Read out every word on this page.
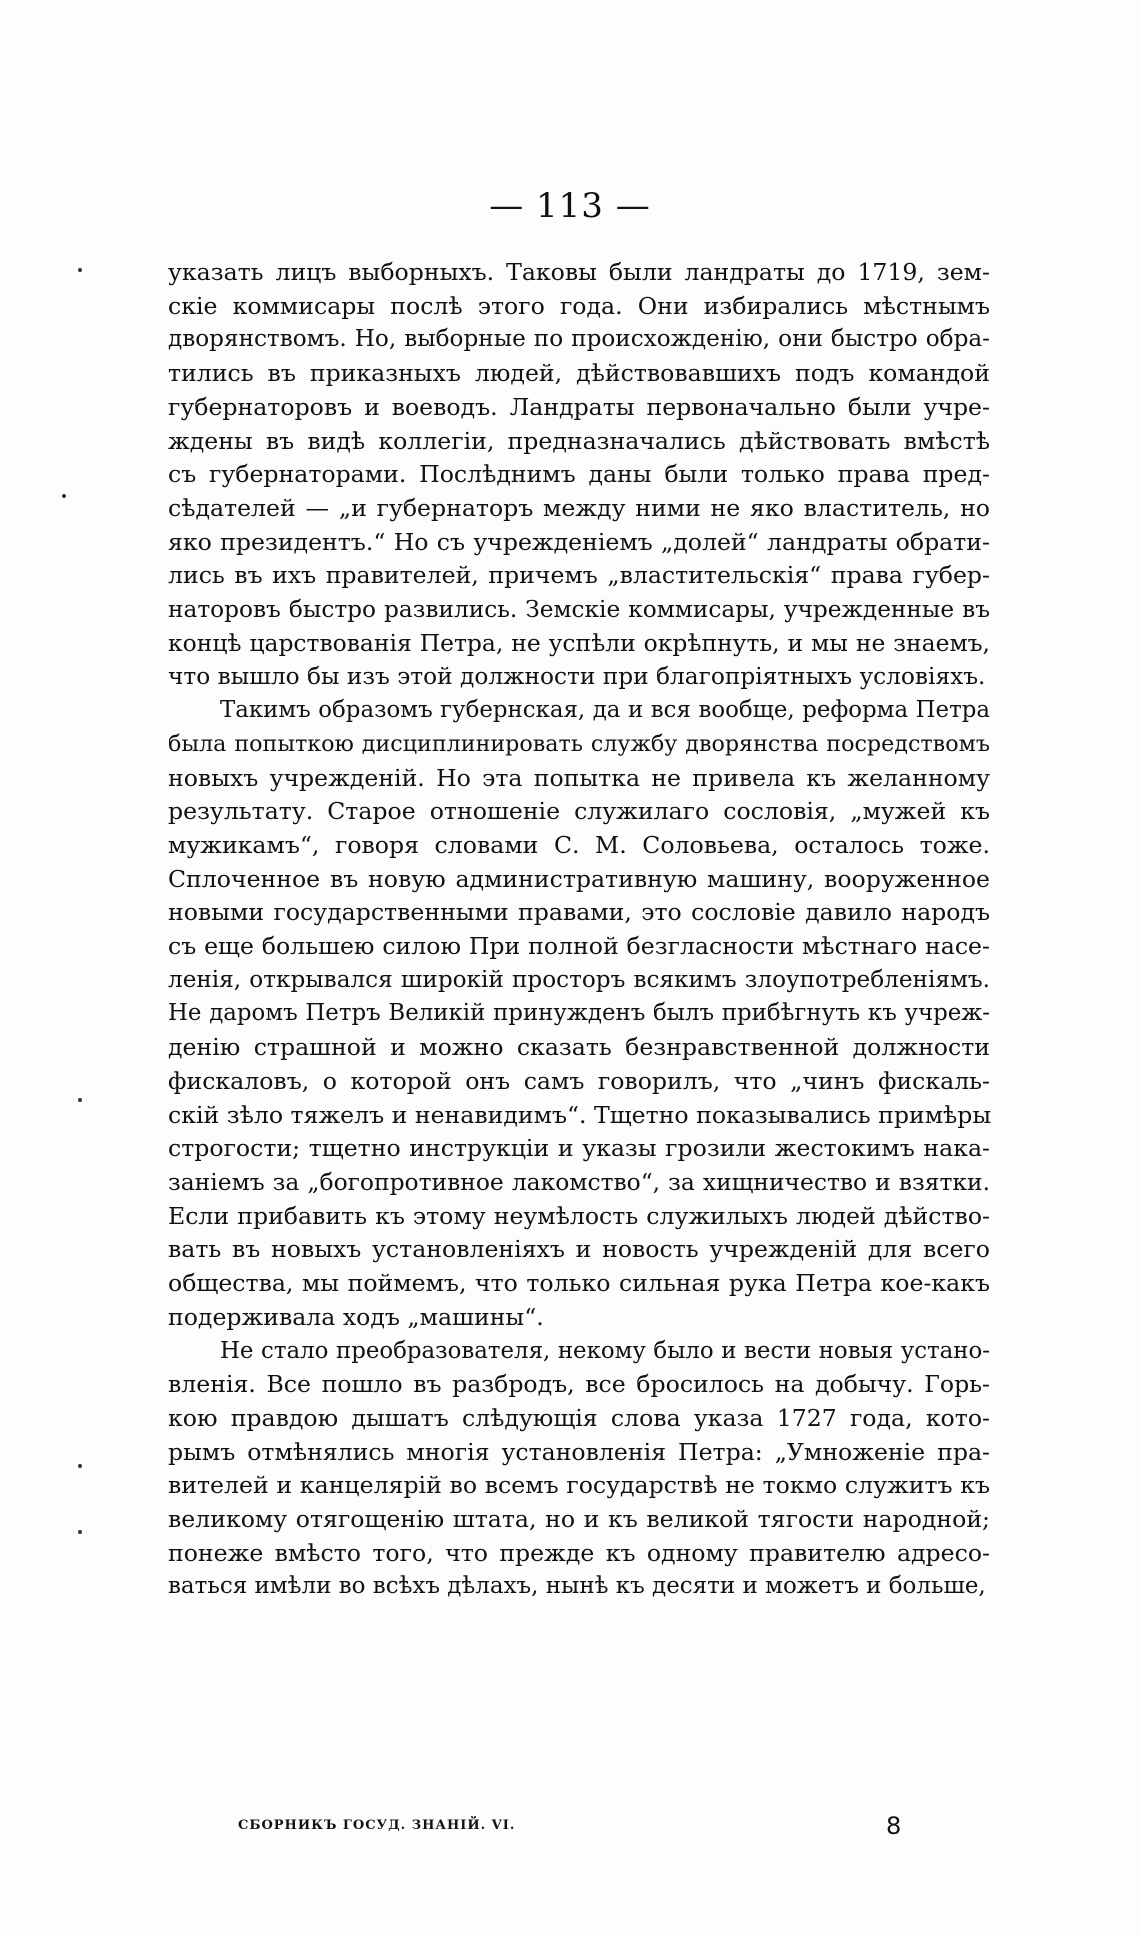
— 113 —
указать лицъ выборныхъ. Таковы были ландраты до 1719, зем-
скіе коммисары послѣ этого года. Они избирались мѣстнымъ
дворянствомъ. Но, выборные по происхожденію, они быстро обра-
тились въ приказныхъ людей, дѣйствовавшихъ подъ командой
губернаторовъ и воеводъ. Ландраты первоначально были учре-
ждены въ видѣ коллегіи, предназначались дѣйствовать вмѣстѣ
съ губернаторами. Послѣднимъ даны были только права пред-
сѣдателей — „и губернаторъ между ними не яко властитель, но
яко президентъ.“ Но съ учрежденіемъ „долей“ ландраты обрати-
лись въ ихъ правителей, причемъ „властительскія“ права губер-
наторовъ быстро развились. Земскіе коммисары, учрежденные въ
концѣ царствованія Петра, не успѣли окрѣпнуть, и мы не знаемъ,
что вышло бы изъ этой должности при благопріятныхъ условіяхъ.
Такимъ образомъ губернская, да и вся вообще, реформа Петра
была попыткою дисциплинировать службу дворянства посредствомъ
новыхъ учрежденій. Но эта попытка не привела къ желанному
результату. Старое отношеніе служилаго сословія, „мужей къ
мужикамъ“, говоря словами С. М. Соловьева, осталось тоже.
Сплоченное въ новую административную машину, вооруженное
новыми государственными правами, это сословіе давило народъ
съ еще большею силою При полной безгласности мѣстнаго насе-
ленія, открывался широкій просторъ всякимъ злоупотребленіямъ.
Не даромъ Петръ Великій принужденъ былъ прибѣгнуть къ учреж-
денію страшной и можно сказать безнравственной должности
фискаловъ, о которой онъ самъ говорилъ, что „чинъ фискаль-
скій зѣло тяжелъ и ненавидимъ“. Тщетно показывались примѣры
строгости; тщетно инструкціи и указы грозили жестокимъ нака-
заніемъ за „богопротивное лакомство“, за хищничество и взятки.
Если прибавить къ этому неумѣлость служилыхъ людей дѣйство-
вать въ новыхъ установленіяхъ и новость учрежденій для всего
общества, мы поймемъ, что только сильная рука Петра кое-какъ
подерживала ходъ „машины“.
Не стало преобразователя, некому было и вести новыя устано-
вленія. Все пошло въ разбродъ, все бросилось на добычу. Горь-
кою правдою дышатъ слѣдующія слова указа 1727 года, кото-
рымъ отмѣнялись многія установленія Петра: „Умноженіе пра-
вителей и канцелярій во всемъ государствѣ не токмо служитъ къ
великому отягощенію штата, но и къ великой тягости народной;
понеже вмѣсто того, что прежде къ одному правителю адресо-
ваться имѣли во всѣхъ дѣлахъ, нынѣ къ десяти и можетъ и больше,
СБОРНИКЪ ГОСУД. ЗНАНІЙ. VI.	8
